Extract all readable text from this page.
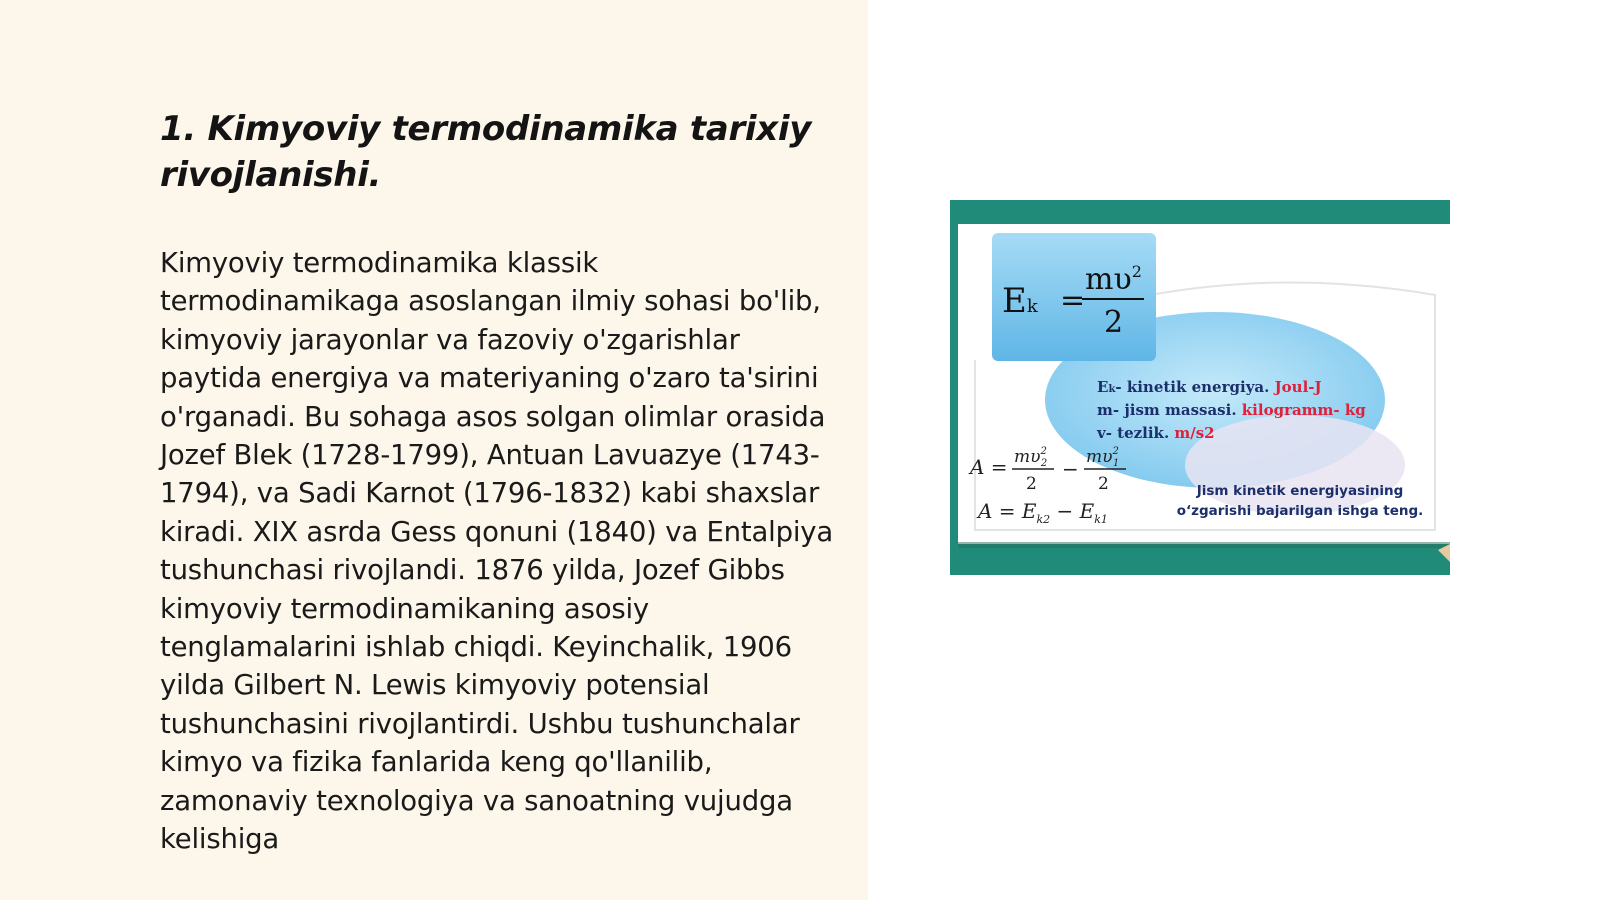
1. Kimyoviy termodinamika tarixiy rivojlanishi.

Kimyoviy termodinamika klassik termodinamikaga asoslangan ilmiy sohasi bo'lib, kimyoviy jarayonlar va fazoviy o'zgarishlar paytida energiya va materiyaning o'zaro ta'sirini o'rganadi. Bu sohaga asos solgan olimlar orasida Jozef Blek (1728-1799), Antuan Lavuazye (1743-1794), va Sadi Karnot (1796-1832) kabi shaxslar kiradi. XIX asrda Gess qonuni (1840) va Entalpiya tushunchasi rivojlandi. 1876 yilda, Jozef Gibbs kimyoviy termodinamikaning asosiy tenglamalarini ishlab chiqdi. Keyinchalik, 1906 yilda Gilbert N. Lewis kimyoviy potensial tushunchasini rivojlantirdi. Ushbu tushunchalar kimyo va fizika fanlarida keng qo'llanilib, zamonaviy texnologiya va sanoatning vujudga kelishiga

Ek =
$m\upsilon^2$
2
Ek- kinetik energiya. Joul-J
m- jism massasi. kilogramm- kg
v- tezlik. m/s2
$A = m\upsilon^2$ 2
2
− $m\upsilon^2$ 1
2
$A = E_{k2} - E_{k1}$
Jism kinetik energiyasining
o‘zgarishi bajarilgan ishga teng.
